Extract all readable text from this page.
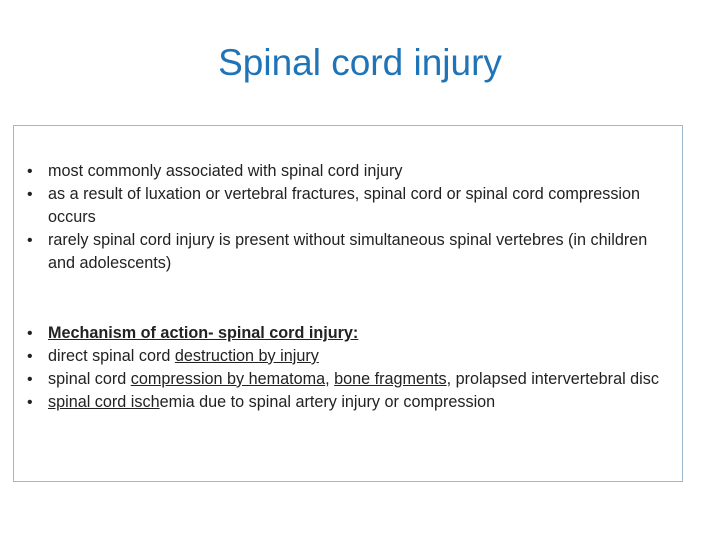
Spinal cord injury
• most commonly associated with spinal cord injury
• as a result of luxation or vertebral fractures, spinal cord or spinal cord compression occurs
• rarely spinal cord injury is present without simultaneous spinal vertebres (in children and adolescents)
• Mechanism of action- spinal cord injury:
• direct spinal cord destruction by injury
• spinal cord compression by hematoma, bone fragments, prolapsed intervertebral disc
• spinal cord ischemia due to spinal artery injury or compression
